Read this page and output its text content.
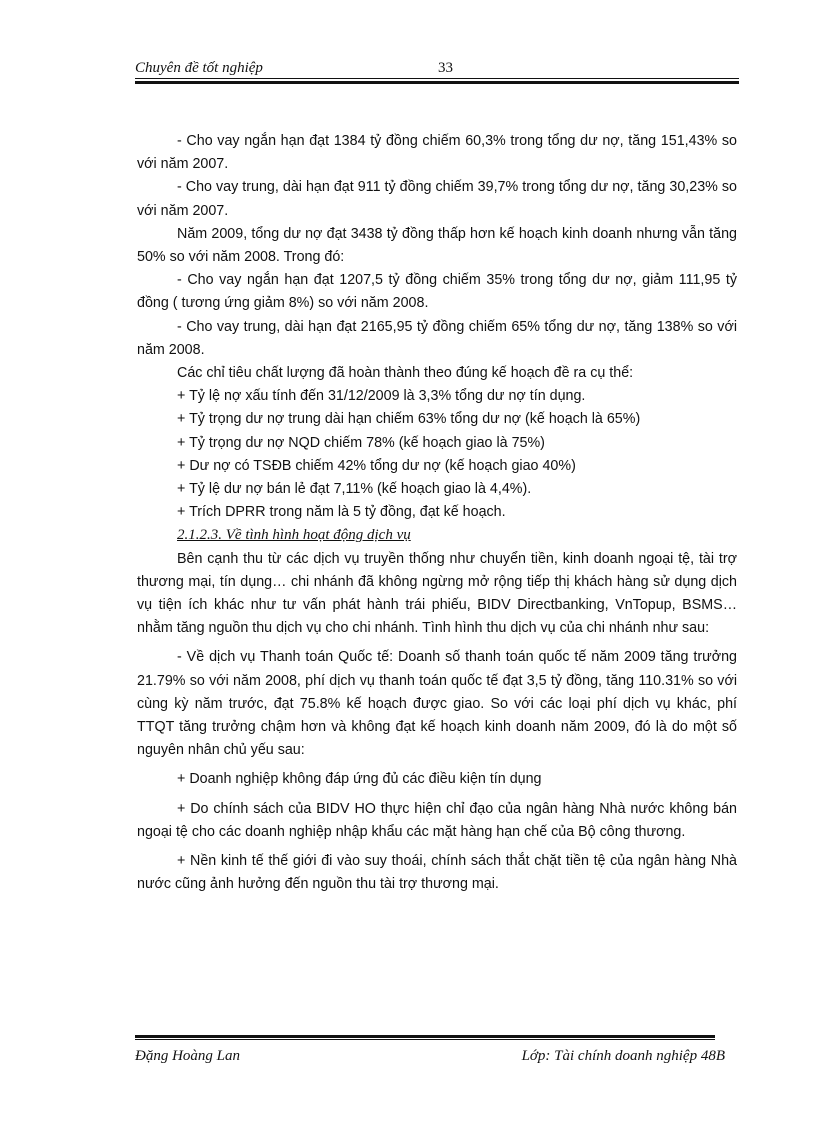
Chuyên đề tốt nghiệp	33

- Cho vay ngắn hạn đạt 1384 tỷ đồng chiếm 60,3% trong tổng dư nợ, tăng 151,43% so với năm 2007.

- Cho vay trung, dài hạn đạt 911 tỷ đồng chiếm 39,7% trong tổng dư nợ, tăng 30,23% so với năm 2007.

Năm 2009, tổng dư nợ đạt 3438 tỷ đồng thấp hơn kế hoạch kinh doanh nhưng vẫn tăng 50% so với năm 2008. Trong đó:

- Cho vay ngắn hạn đạt 1207,5 tỷ đồng chiếm 35% trong tổng dư nợ, giảm 111,95 tỷ đồng ( tương ứng giảm 8%) so với năm 2008.

- Cho vay trung, dài hạn đạt 2165,95 tỷ đồng chiếm 65% tổng dư nợ, tăng 138% so với năm 2008.

Các chỉ tiêu chất lượng đã hoàn thành theo đúng kế hoạch đề ra cụ thể:

+ Tỷ lệ nợ xấu tính đến 31/12/2009 là 3,3% tổng dư nợ tín dụng.

+ Tỷ trọng dư nợ trung dài hạn chiếm 63% tổng dư nợ (kế hoạch là 65%)

+ Tỷ trọng dư nợ NQD chiếm 78% (kế hoạch giao là 75%)

+ Dư nợ có TSĐB chiếm 42% tổng dư nợ (kế hoạch giao 40%)

+ Tỷ lệ dư nợ bán lẻ đạt 7,11% (kế hoạch giao là 4,4%).

+ Trích DPRR trong năm là 5 tỷ đồng, đạt kế hoạch.

2.1.2.3. Về tình hình hoạt động dịch vụ

Bên cạnh thu từ các dịch vụ truyền thống như chuyển tiền, kinh doanh ngoại tệ, tài trợ thương mại, tín dụng… chi nhánh đã không ngừng mở rộng tiếp thị khách hàng sử dụng dịch vụ tiện ích khác như tư vấn phát hành trái phiếu, BIDV Directbanking, VnTopup, BSMS… nhằm tăng nguồn thu dịch vụ cho chi nhánh. Tình hình thu dịch vụ của chi nhánh như sau:

- Về dịch vụ Thanh toán Quốc tế: Doanh số thanh toán quốc tế năm 2009 tăng trưởng 21.79% so với năm 2008, phí dịch vụ thanh toán quốc tế đạt 3,5 tỷ đồng, tăng 110.31% so với cùng kỳ năm trước, đạt 75.8% kế hoạch được giao. So với các loại phí dịch vụ khác, phí TTQT tăng trưởng chậm hơn và không đạt kế hoạch kinh doanh năm 2009, đó là do một số nguyên nhân chủ yếu sau:

+ Doanh nghiệp không đáp ứng đủ các điều kiện tín dụng

+ Do chính sách của BIDV HO thực hiện chỉ đạo của ngân hàng Nhà nước không bán ngoại tệ cho các doanh nghiệp nhập khẩu các mặt hàng hạn chế của Bộ công thương.

+ Nền kinh tế thế giới đi vào suy thoái, chính sách thắt chặt tiền tệ của ngân hàng Nhà nước cũng ảnh hưởng đến nguồn thu tài trợ thương mại.

Đặng Hoàng Lan	Lớp: Tài chính doanh nghiệp 48B
